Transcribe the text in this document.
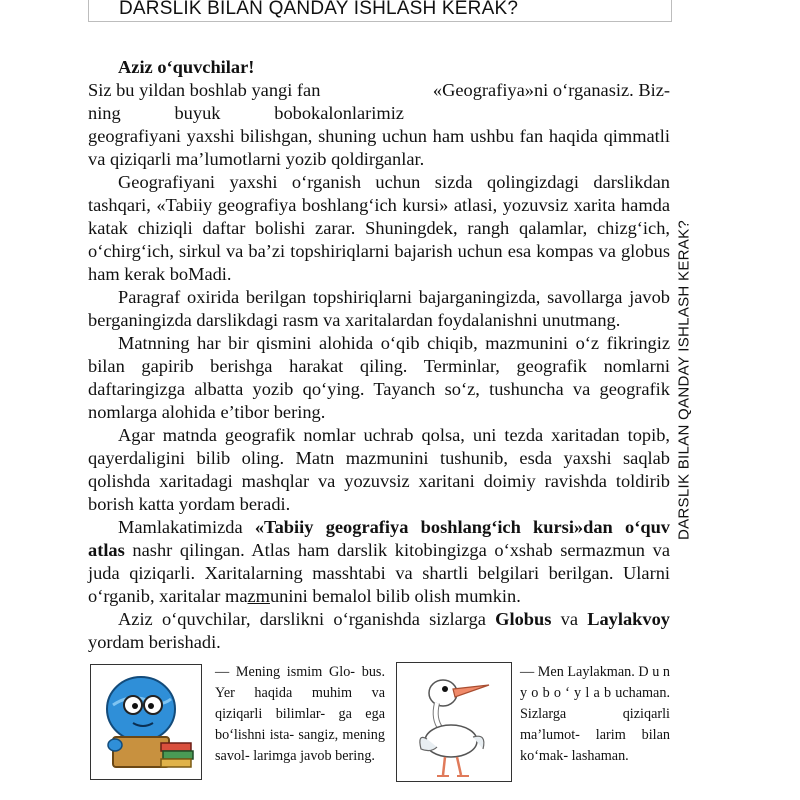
DARSLIK BILAN QANDAY ISHLASH KERAK?
DARSLIK BILAN QANDAY ISHLASH KERAK?

Aziz o‘quvchilar!

Siz bu yildan boshlab yangi fan	«Geografiya»ni o‘rganasiz. Biz-
ning	buyuk	bobokalonlarimiz

geografiyani yaxshi bilishgan, shuning uchun ham ushbu fan haqida qimmatli va qiziqarli ma’lumotlarni yozib qoldirganlar.

Geografiyani yaxshi o‘rganish uchun sizda qolingizdagi darslikdan tashqari, «Tabiiy geografiya boshlang‘ich kursi» atlasi, yozuvsiz xarita hamda katak chiziqli daftar bolishi zarar. Shuningdek, rangh qalamlar, chizg‘ich, o‘chirg‘ich, sirkul va ba’zi topshiriqlarni bajarish uchun esa kompas va globus ham kerak boMadi.

Paragraf oxirida berilgan topshiriqlarni bajarganingizda, savollarga javob berganingizda darslikdagi rasm va xaritalardan foydalanishni unutmang.

Matnning har bir qismini alohida o‘qib chiqib, mazmunini o‘z fikringiz bilan gapirib berishga harakat qiling. Terminlar, geografik nomlarni daftaringizga albatta yozib qo‘ying. Tayanch so‘z, tushuncha va geografik nomlarga alohida e’tibor bering.

Agar matnda geografik nomlar uchrab qolsa, uni tezda xaritadan topib, qayerdaligini bilib oling. Matn mazmunini tushunib, esda yaxshi saqlab qolishda xaritadagi mashqlar va yozuvsiz xaritani doimiy ravishda toldirib borish katta yordam beradi.

Mamlakatimizda «Tabiiy geografiya boshlang‘ich kursi»dan o‘quv atlas nashr qilingan. Atlas ham darslik kitobingizga o‘xshab sermazmun va juda qiziqarli. Xaritalarning masshtabi va shartli belgilari berilgan. Ularni o‘rganib, xaritalar mazmunini bemalol bilib olish mumkin.

Aziz o‘quvchilar, darslikni o‘rganishda sizlarga Globus va Laylakvoy yordam berishadi.

— Mening ismim Glo- bus. Yer haqida muhim va qiziqarli bilimlar- ga ega bo‘lishni ista- sangiz, mening savol- larimga javob bering.
— Men Laylakman. D u n y o b o ‘ y l a b uchaman. Sizlarga qiziqarli ma’lumot- larim bilan ko‘mak- lashaman.
